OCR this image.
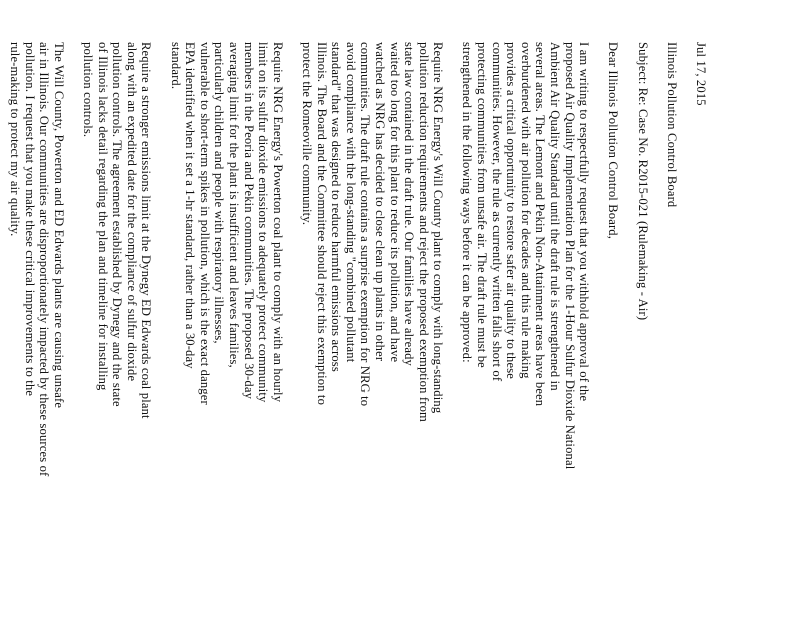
Jul 17, 2015
Illinois Pollution Control Board
Subject: Re: Case No. R2015-021 (Rulemaking - Air)
Dear Illinois Pollution Control Board,
I am writing to respectfully request that you withhold approval of the
proposed Air Quality Implementation Plan for the 1-Hour Sulfur Dioxide National
Ambient Air Quality Standard until the draft rule is strengthened in
several areas. The Lemont and Pekin Non-Attainment areas have been
overburdened with air pollution for decades and this rule making
provides a critical opportunity to restore safer air quality to these
communities. However, the rule as currently written falls short of
protecting communities from unsafe air. The draft rule must be
strengthened in the following ways before it can be approved:
Require NRG Energy's Will County plant to comply with long-standing
pollution reduction requirements and reject the proposed exemption from
state law contained in the draft rule. Our families have already
waited too long for this plant to reduce its pollution, and have
watched as NRG has decided to close clean up plants in other
communities. The draft rule contains a surprise exemption for NRG to
avoid compliance with the long-standing "combined pollutant
standard" that was designed to reduce harmful emissions across
Illinois. The Board and the Committee should reject this exemption to
protect the Romeoville community.
Require NRG Energy's Powerton coal plant to comply with an hourly
limit on its sulfur dioxide emissions to adequately protect community
members in the Peoria and Pekin communities. The proposed 30-day
averaging limit for the plant is insufficient and leaves families,
particularly children and people with respiratory illnesses,
vulnerable to short-term spikes in pollution, which is the exact danger
EPA identified when it set a 1-hr standard, rather than a 30-day
standard.
Require a stronger emissions limit at the Dynegy ED Edwards coal plant
along with an expedited date for the compliance of sulfur dioxide
pollution controls. The agreement established by Dynegy and the state
of Illinois lacks detail regarding the plan and timeline for installing
pollution controls.
The Will County, Powerton and ED Edwards plants are causing unsafe
air in Illinois. Our communities are disproportionately impacted by these sources of
pollution. I request that you make these critical improvements to the
rule-making to protect my air quality.
